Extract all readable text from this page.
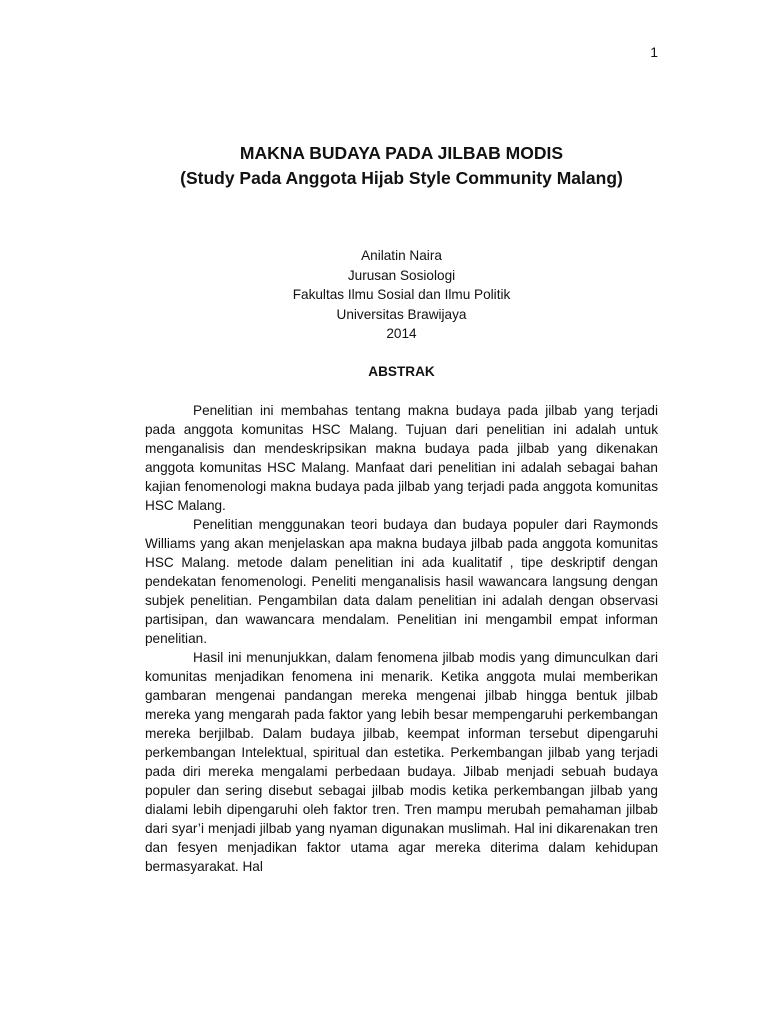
1
MAKNA BUDAYA PADA JILBAB MODIS
(Study Pada Anggota Hijab Style Community Malang)
Anilatin Naira
Jurusan Sosiologi
Fakultas Ilmu Sosial dan Ilmu Politik
Universitas Brawijaya
2014
ABSTRAK

Penelitian ini membahas tentang makna budaya pada jilbab yang terjadi pada anggota komunitas HSC Malang. Tujuan dari penelitian ini adalah untuk menganalisis dan mendeskripsikan makna budaya pada jilbab yang dikenakan anggota komunitas HSC Malang. Manfaat dari penelitian ini adalah sebagai bahan kajian fenomenologi makna budaya pada jilbab yang terjadi pada anggota komunitas HSC Malang.

Penelitian menggunakan teori budaya dan budaya populer dari Raymonds Williams yang akan menjelaskan apa makna budaya jilbab pada anggota komunitas HSC Malang. metode dalam penelitian ini ada kualitatif , tipe deskriptif dengan pendekatan fenomenologi. Peneliti menganalisis hasil wawancara langsung dengan subjek penelitian. Pengambilan data dalam penelitian ini adalah dengan observasi partisipan, dan wawancara mendalam. Penelitian ini mengambil empat informan penelitian.

Hasil ini menunjukkan, dalam fenomena jilbab modis yang dimunculkan dari komunitas menjadikan fenomena ini menarik. Ketika anggota mulai memberikan gambaran mengenai pandangan mereka mengenai jilbab hingga bentuk jilbab mereka yang mengarah pada faktor yang lebih besar mempengaruhi perkembangan mereka berjilbab. Dalam budaya jilbab, keempat informan tersebut dipengaruhi perkembangan Intelektual, spiritual dan estetika. Perkembangan jilbab yang terjadi pada diri mereka mengalami perbedaan budaya. Jilbab menjadi sebuah budaya populer dan sering disebut sebagai jilbab modis ketika perkembangan jilbab yang dialami lebih dipengaruhi oleh faktor tren. Tren mampu merubah pemahaman jilbab dari syar’i menjadi jilbab yang nyaman digunakan muslimah. Hal ini dikarenakan tren dan fesyen menjadikan faktor utama agar mereka diterima dalam kehidupan bermasyarakat. Hal
